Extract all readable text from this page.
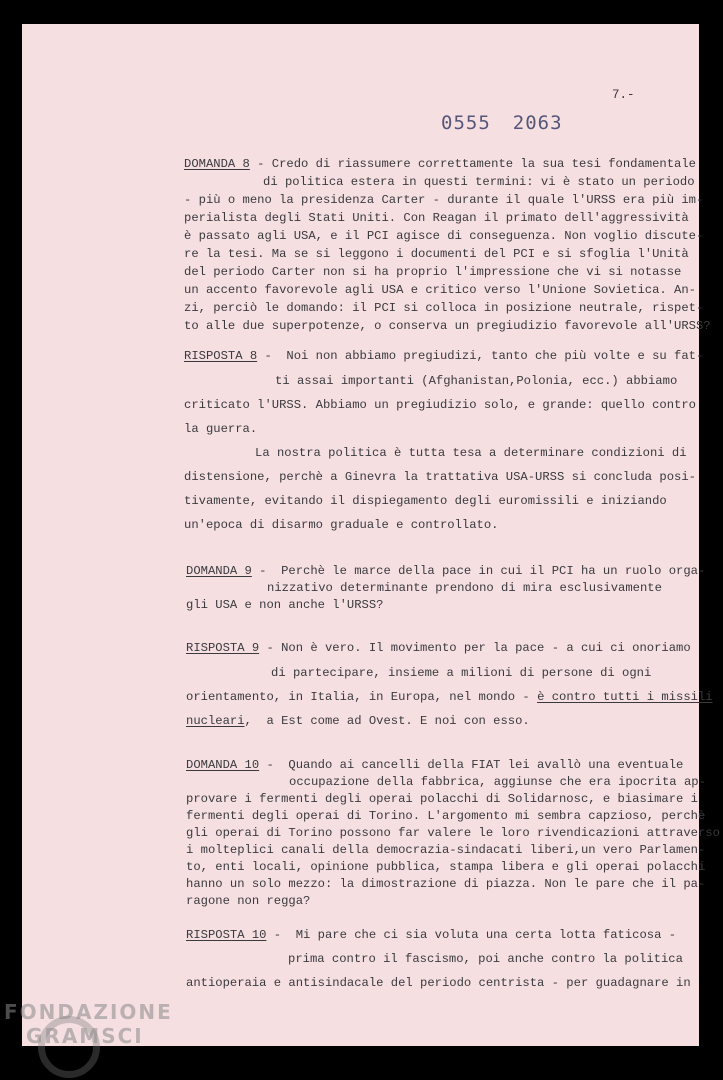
7.-
0555 2063
DOMANDA 8 - Credo di riassumere correttamente la sua tesi fondamentale
di politica estera in questi termini: vi è stato un periodo
- più o meno la presidenza Carter - durante il quale l'URSS era più im-
perialista degli Stati Uniti. Con Reagan il primato dell'aggressività
è passato agli USA, e il PCI agisce di conseguenza. Non voglio discute-
re la tesi. Ma se si leggono i documenti del PCI e si sfoglia l'Unità
del periodo Carter non si ha proprio l'impressione che vi si notasse
un accento favorevole agli USA e critico verso l'Unione Sovietica. An-
zi, perciò le domando: il PCI si colloca in posizione neutrale, rispet-
to alle due superpotenze, o conserva un pregiudizio favorevole all'URSS?
RISPOSTA 8 -  Noi non abbiamo pregiudizi, tanto che più volte e su fat-
ti assai importanti (Afghanistan,Polonia, ecc.) abbiamo
criticato l'URSS. Abbiamo un pregiudizio solo, e grande: quello contro
la guerra.
La nostra politica è tutta tesa a determinare condizioni di
distensione, perchè a Ginevra la trattativa USA-URSS si concluda posi-
tivamente, evitando il dispiegamento degli euromissili e iniziando
un'epoca di disarmo graduale e controllato.
DOMANDA 9 -  Perchè le marce della pace in cui il PCI ha un ruolo orga-
nizzativo determinante prendono di mira esclusivamente
gli USA e non anche l'URSS?
RISPOSTA 9 - Non è vero. Il movimento per la pace - a cui ci onoriamo
di partecipare, insieme a milioni di persone di ogni
orientamento, in Italia, in Europa, nel mondo - è contro tutti i missili
nucleari,  a Est come ad Ovest. E noi con esso.
DOMANDA 10 -  Quando ai cancelli della FIAT lei avallò una eventuale
occupazione della fabbrica, aggiunse che era ipocrita ap-
provare i fermenti degli operai polacchi di Solidarnosc, e biasimare i
fermenti degli operai di Torino. L'argomento mi sembra capzioso, perchè
gli operai di Torino possono far valere le loro rivendicazioni attraverso
i molteplici canali della democrazia-sindacati liberi,un vero Parlamen-
to, enti locali, opinione pubblica, stampa libera e gli operai polacchi
hanno un solo mezzo: la dimostrazione di piazza. Non le pare che il pa-
ragone non regga?
RISPOSTA 10 -  Mi pare che ci sia voluta una certa lotta faticosa -
prima contro il fascismo, poi anche contro la politica
antioperaia e antisindacale del periodo centrista - per guadagnare in
FONDAZIONE
GRAMSCI
